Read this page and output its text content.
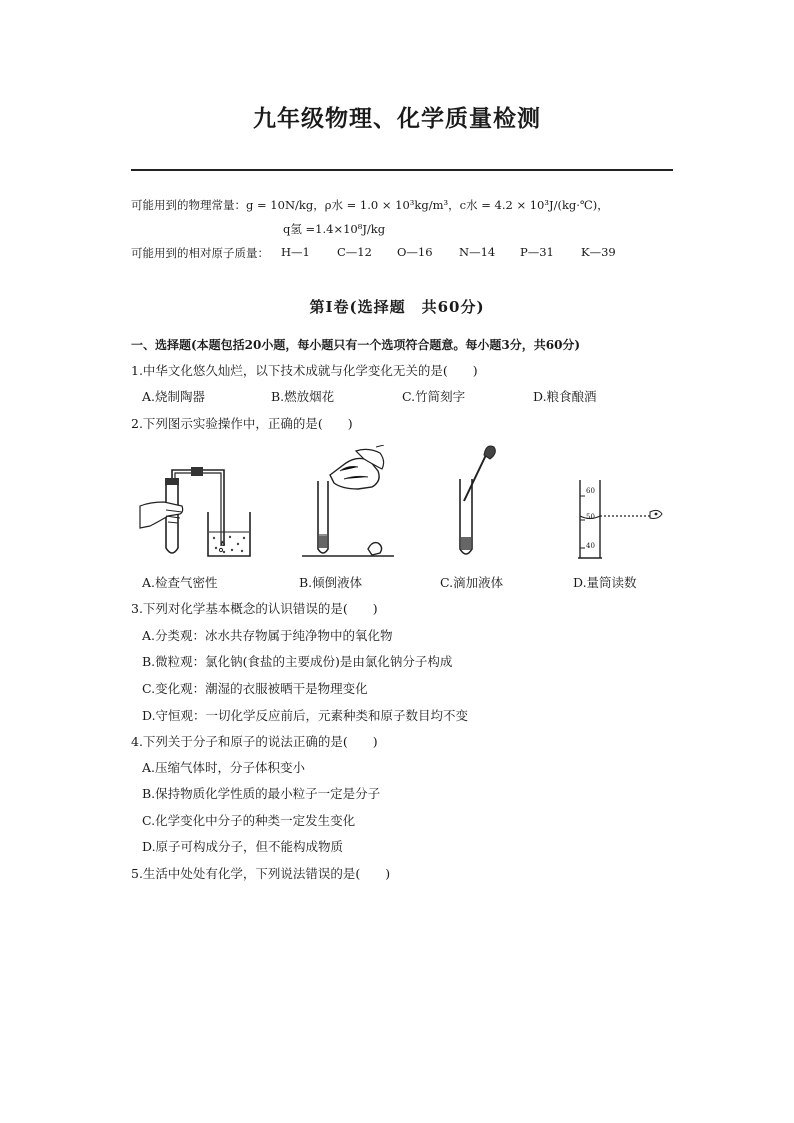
九年级物理、化学质量检测
可能用到的物理常量：g = 10N/kg，ρ水 = 1.0 × 10³kg/m³，c水 = 4.2 × 10³J/(kg·℃)，
q氢 =1.4×10⁸J/kg
可能用到的相对原子质量： H—1 C—12 O—16 N—14 P—31 K—39
第Ⅰ卷(选择题　共60分)
一、选择题(本题包括20小题，每小题只有一个选项符合题意。每小题3分，共60分)
1.中华文化悠久灿烂，以下技术成就与化学变化无关的是(　　)
A.烧制陶器	B.燃放烟花	C.竹简刻字	D.粮食酿酒
2.下列图示实验操作中，正确的是(　　)
60
50
40
A.检查气密性	B.倾倒液体	C.滴加液体	D.量筒读数
3.下列对化学基本概念的认识错误的是(　　)
A.分类观：冰水共存物属于纯净物中的氧化物
B.微粒观：氯化钠(食盐的主要成份)是由氯化钠分子构成
C.变化观：潮湿的衣服被晒干是物理变化
D.守恒观：一切化学反应前后，元素种类和原子数目均不变
4.下列关于分子和原子的说法正确的是(　　)
A.压缩气体时，分子体积变小
B.保持物质化学性质的最小粒子一定是分子
C.化学变化中分子的种类一定发生变化
D.原子可构成分子，但不能构成物质
5.生活中处处有化学，下列说法错误的是(　　)
